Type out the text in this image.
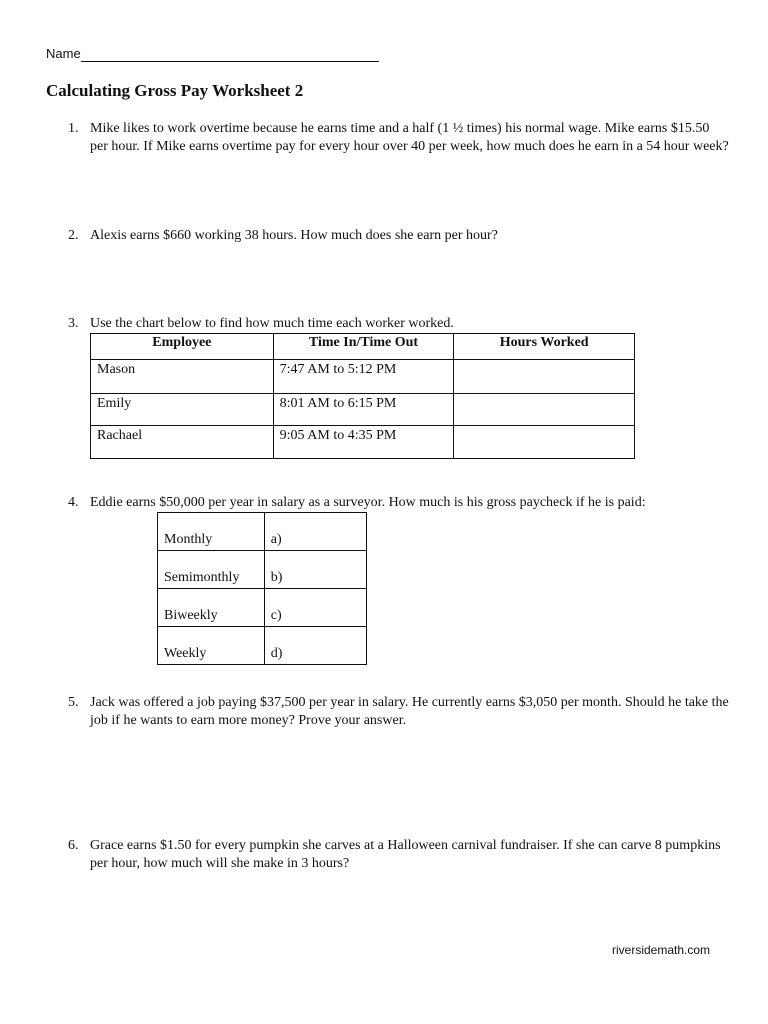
Name
Calculating Gross Pay Worksheet 2
1. Mike likes to work overtime because he earns time and a half (1 ½ times) his normal wage. Mike earns $15.50 per hour. If Mike earns overtime pay for every hour over 40 per week, how much does he earn in a 54 hour week?
2. Alexis earns $660 working 38 hours. How much does she earn per hour?
3. Use the chart below to find how much time each worker worked.
Employee	Time In/Time Out	Hours Worked
Mason	7:47 AM to 5:12 PM	
Emily	8:01 AM to 6:15 PM	
Rachael	9:05 AM to 4:35 PM	
4. Eddie earns $50,000 per year in salary as a surveyor. How much is his gross paycheck if he is paid:
Monthly	a)
Semimonthly	b)
Biweekly	c)
Weekly	d)
5. Jack was offered a job paying $37,500 per year in salary. He currently earns $3,050 per month. Should he take the job if he wants to earn more money? Prove your answer.
6. Grace earns $1.50 for every pumpkin she carves at a Halloween carnival fundraiser. If she can carve 8 pumpkins per hour, how much will she make in 3 hours?
riversidemath.com
